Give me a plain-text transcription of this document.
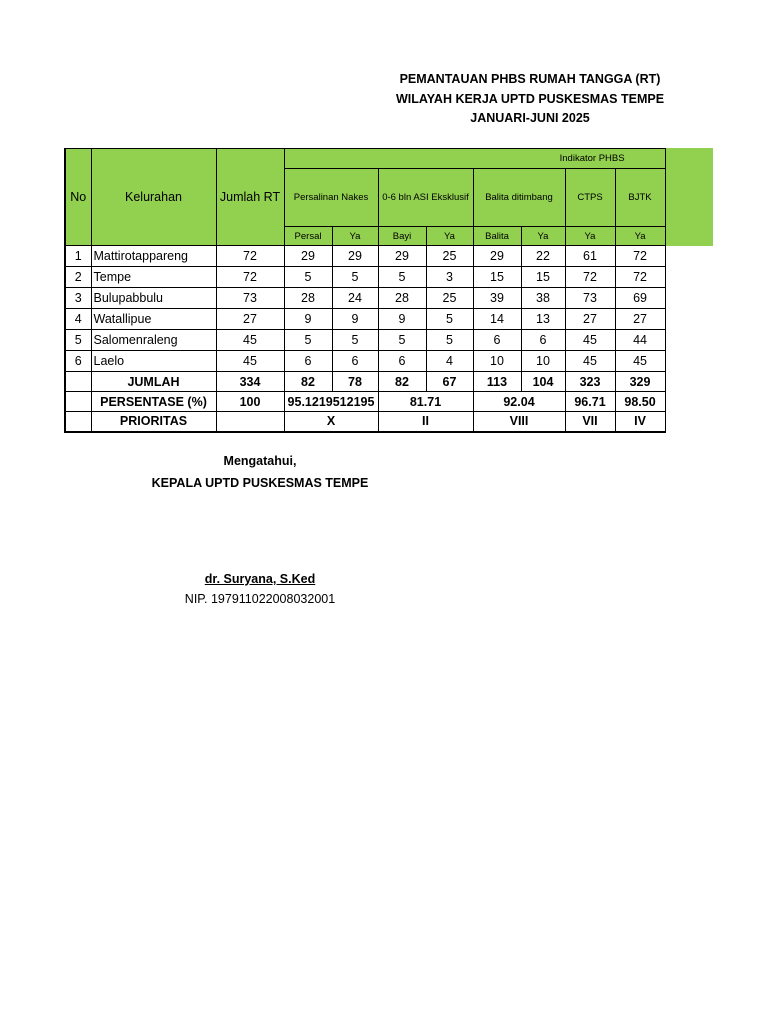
PEMANTAUAN PHBS RUMAH TANGGA (RT)
WILAYAH KERJA UPTD PUSKESMAS TEMPE
JANUARI-JUNI 2025
No	Kelurahan	Jumlah RT	Indikator PHBS							
			Persalinan Nakes		0-6 bln ASI Eksklusif		Balita ditimbang		CTPS	BJTK
			Persal	Ya	Bayi	Ya	Balita	Ya	Ya	Ya
1	Mattirotappareng	72	29	29	29	25	29	22	61	72
2	Tempe	72	5	5	5	3	15	15	72	72
3	Bulupabbulu	73	28	24	28	25	39	38	73	69
4	Watallipue	27	9	9	9	5	14	13	27	27
5	Salomenraleng	45	5	5	5	5	6	6	45	44
6	Laelo	45	6	6	6	4	10	10	45	45
	JUMLAH	334	82	78	82	67	113	104	323	329
	PERSENTASE (%)	100	95.1219512195		81.71		92.04		96.71	98.50
	PRIORITAS		X		II		VIII		VII	IV
Mengatahui,
KEPALA UPTD PUSKESMAS TEMPE
dr. Suryana, S.Ked
NIP. 197911022008032001
